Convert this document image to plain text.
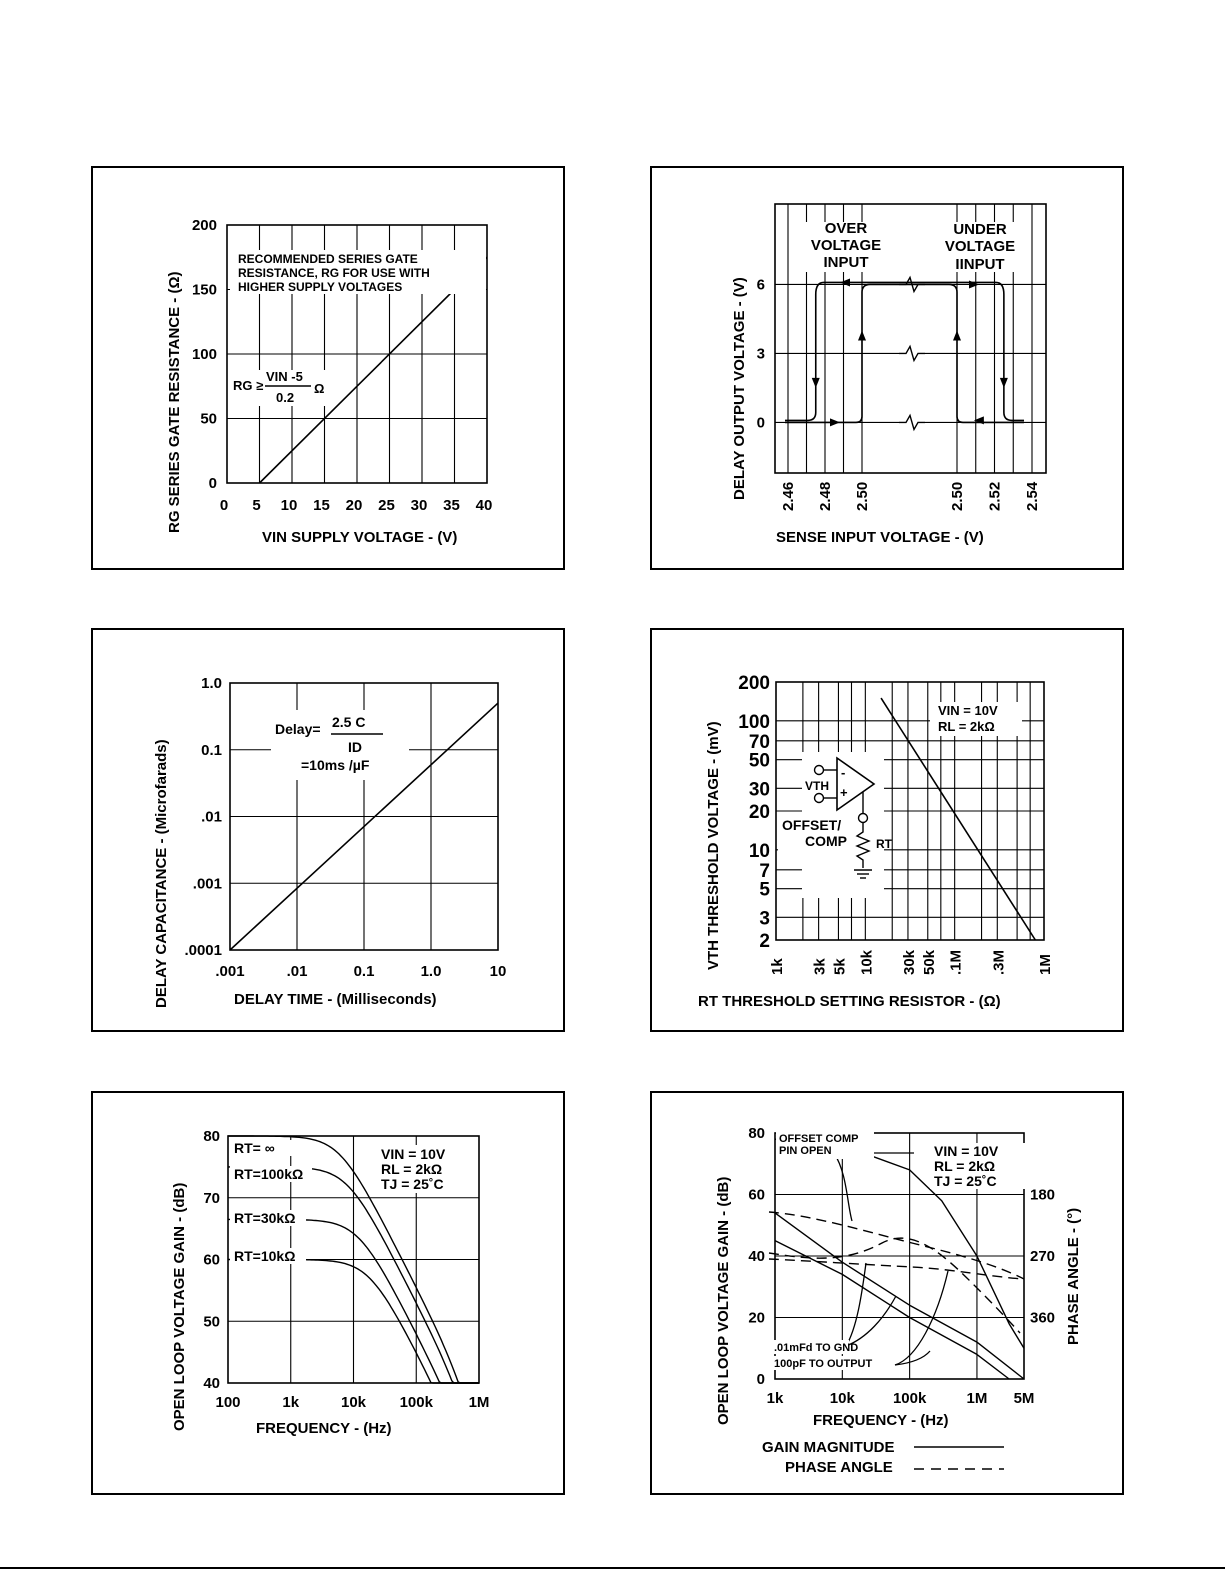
RECOMMENDED SERIES GATE
RESISTANCE, RG FOR USE WITH
HIGHER SUPPLY VOLTAGES
RG ≥
VIN -5
0.2
Ω
0
50
100
150
200
0 5 10 15 20 25 30 35 40
VIN SUPPLY VOLTAGE - (V)
RG SERIES GATE RESISTANCE - (Ω)
OVER
VOLTAGE
INPUT
UNDER
VOLTAGE
IINPUT
0
3
6
2.46 2.48 2.50	2.50 2.52 2.54
SENSE INPUT VOLTAGE - (V)
DELAY OUTPUT VOLTAGE - (V)
Delay= 2.5 C
ID
=10ms /µF
.0001
.001
.01
0.1
1.0
.001	.01	0.1	1.0	10
DELAY TIME - (Milliseconds)
DELAY CAPACITANCE - (Microfarads)
VIN = 10V
RL = 2kΩ
-
+
VTH
OFFSET/
COMP RT
2
3
5
7
10
20
30
50
70
100
200
1k 3k 5k 10k 30k 50k .1M .3M 1M
RT THRESHOLD SETTING RESISTOR - (Ω)
VTH THRESHOLD VOLTAGE - (mV)
RT= ∞
RT=100kΩ
RT=30kΩ
RT=10kΩ
VIN = 10V
RL = 2kΩ
TJ = 25˚C
40
50
60
70
80
100	1k	10k 100k 1M
FREQUENCY - (Hz)
OPEN LOOP VOLTAGE GAIN - (dB)
OFFSET COMP
PIN OPEN
.01mFd TO GND
100pF TO OUTPUT
VIN = 10V
RL = 2kΩ
TJ = 25˚C
0
20
40
60
80
1k	10k	100k	1M 5M
180
270
360
FREQUENCY - (Hz)
OPEN LOOP VOLTAGE GAIN - (dB)	PHASE ANGLE - (°)
GAIN MAGNITUDE
PHASE ANGLE
